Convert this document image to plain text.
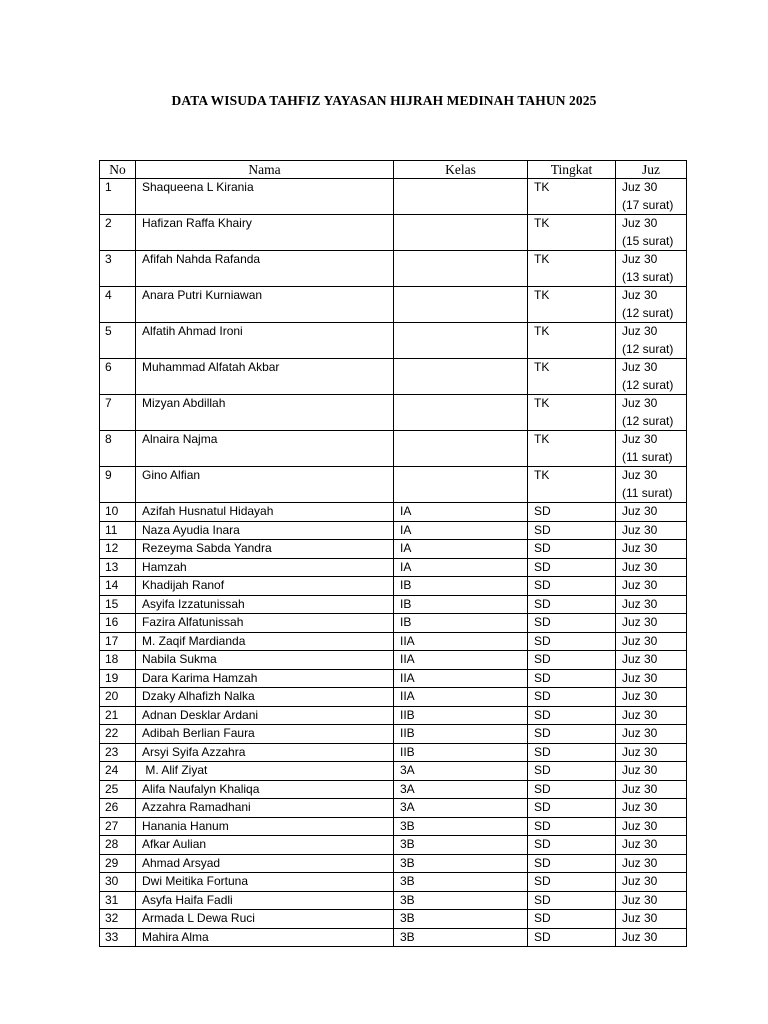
DATA WISUDA TAHFIZ YAYASAN HIJRAH MEDINAH TAHUN 2025
No	Nama	Kelas	Tingkat	Juz
1	Shaqueena L Kirania		TK	Juz 30
(17 surat)

2	Hafizan Raffa Khairy		TK	Juz 30
(15 surat)

3	Afifah Nahda Rafanda		TK	Juz 30
(13 surat)

4	Anara Putri Kurniawan		TK	Juz 30
(12 surat)

5	Alfatih Ahmad Ironi		TK	Juz 30
(12 surat)

6	Muhammad Alfatah Akbar		TK	Juz 30
(12 surat)

7	Mizyan Abdillah		TK	Juz 30
(12 surat)

8	Alnaira Najma		TK	Juz 30
(11 surat)

9	Gino Alfian		TK	Juz 30
(11 surat)

10	Azifah Husnatul Hidayah	IA	SD	Juz 30

11	Naza Ayudia Inara	IA	SD	Juz 30

12	Rezeyma Sabda Yandra	IA	SD	Juz 30

13	Hamzah	IA	SD	Juz 30

14	Khadijah Ranof	IB	SD	Juz 30

15	Asyifa Izzatunissah	IB	SD	Juz 30

16	Fazira Alfatunissah	IB	SD	Juz 30

17	M. Zaqif Mardianda	IIA	SD	Juz 30

18	Nabila Sukma	IIA	SD	Juz 30

19	Dara Karima Hamzah	IIA	SD	Juz 30

20	Dzaky Alhafizh Nalka	IIA	SD	Juz 30

21	Adnan Desklar Ardani	IIB	SD	Juz 30

22	Adibah Berlian Faura	IIB	SD	Juz 30

23	Arsyi Syifa Azzahra	IIB	SD	Juz 30

24	M. Alif Ziyat	3A	SD	Juz 30

25	Alifa Naufalyn Khaliqa	3A	SD	Juz 30

26	Azzahra Ramadhani	3A	SD	Juz 30

27	Hanania Hanum	3B	SD	Juz 30

28	Afkar Aulian	3B	SD	Juz 30

29	Ahmad Arsyad	3B	SD	Juz 30

30	Dwi Meitika Fortuna	3B	SD	Juz 30

31	Asyfa Haifa Fadli	3B	SD	Juz 30

32	Armada L Dewa Ruci	3B	SD	Juz 30

33	Mahira Alma	3B	SD	Juz 30
